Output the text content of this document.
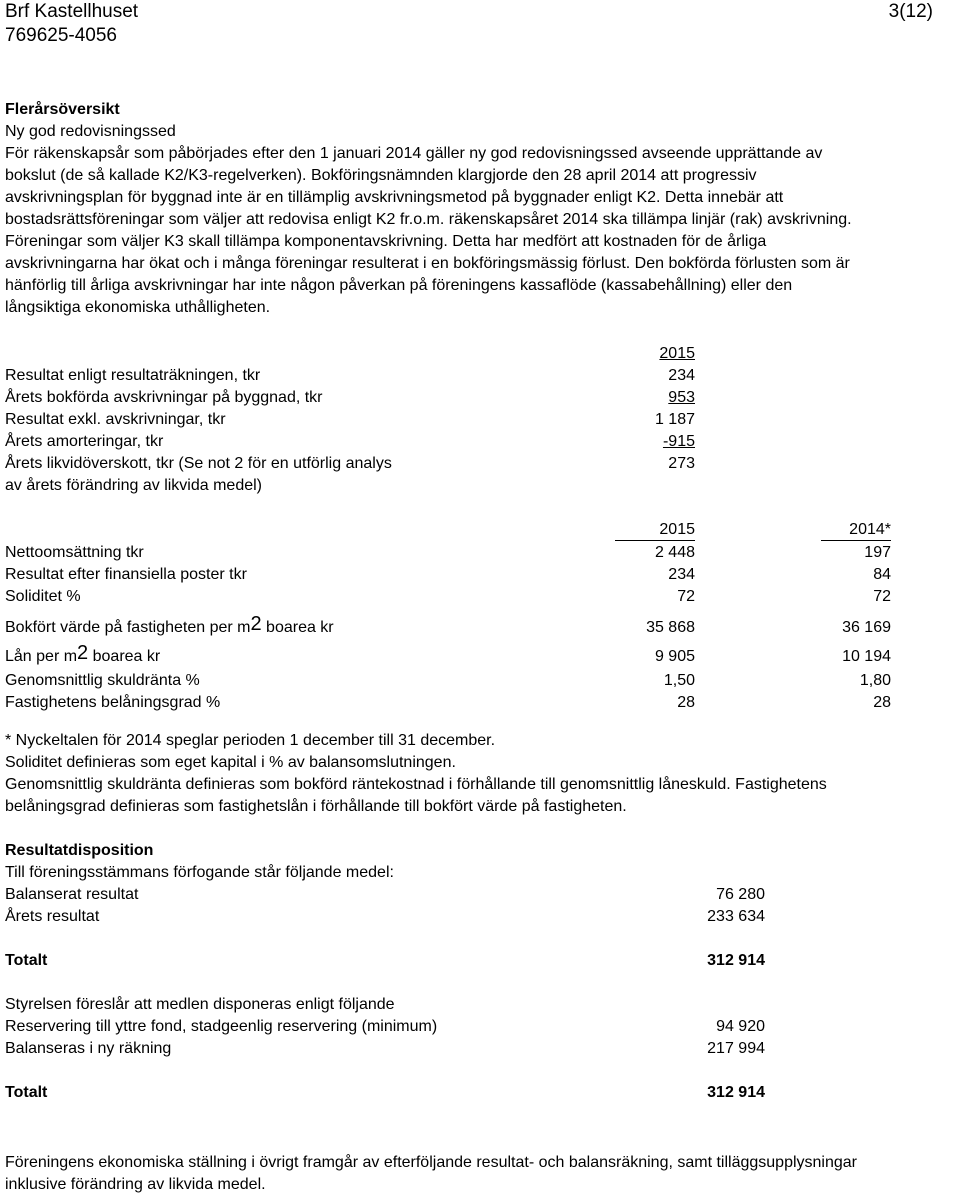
Brf Kastellhuset	3(12)
769625-4056
Flerårsöversikt
Ny god redovisningssed
För räkenskapsår som påbörjades efter den 1 januari 2014 gäller ny god redovisningssed avseende upprättande av
bokslut (de så kallade K2/K3-regelverken). Bokföringsnämnden klargjorde den 28 april 2014 att progressiv
avskrivningsplan för byggnad inte är en tillämplig avskrivningsmetod på byggnader enligt K2. Detta innebär att
bostadsrättsföreningar som väljer att redovisa enligt K2 fr.o.m. räkenskapsåret 2014 ska tillämpa linjär (rak) avskrivning.
Föreningar som väljer K3 skall tillämpa komponentavskrivning. Detta har medfört att kostnaden för de årliga
avskrivningarna har ökat och i många föreningar resulterat i en bokföringsmässig förlust. Den bokförda förlusten som är
hänförlig till årliga avskrivningar har inte någon påverkan på föreningens kassaflöde (kassabehållning) eller den
långsiktiga ekonomiska uthålligheten.
2015
Resultat enligt resultaträkningen, tkr	234
Årets bokförda avskrivningar på byggnad, tkr	953
Resultat exkl. avskrivningar, tkr	1 187
Årets amorteringar, tkr	-915
Årets likvidöverskott, tkr (Se not 2 för en utförlig analys	273
av årets förändring av likvida medel)
2015	2014*
Nettoomsättning tkr	2 448	197
Resultat efter finansiella poster tkr	234	84
Soliditet %	72	72
Bokfört värde på fastigheten per $m^2$ boarea kr	35 868	36 169
Lån per $m^2$ boarea kr	9 905	10 194
Genomsnittlig skuldränta %	1,50	1,80
Fastighetens belåningsgrad %	28	28
* Nyckeltalen för 2014 speglar perioden 1 december till 31 december.
Soliditet definieras som eget kapital i % av balansomslutningen.
Genomsnittlig skuldränta definieras som bokförd räntekostnad i förhållande till genomsnittlig låneskuld. Fastighetens
belåningsgrad definieras som fastighetslån i förhållande till bokfört värde på fastigheten.
Resultatdisposition
Till föreningsstämmans förfogande står följande medel:
Balanserat resultat	76 280
Årets resultat	233 634
Totalt	312 914
Styrelsen föreslår att medlen disponeras enligt följande
Reservering till yttre fond, stadgeenlig reservering (minimum)	94 920
Balanseras i ny räkning	217 994
Totalt	312 914
Föreningens ekonomiska ställning i övrigt framgår av efterföljande resultat- och balansräkning, samt tilläggsupplysningar
inklusive förändring av likvida medel.
